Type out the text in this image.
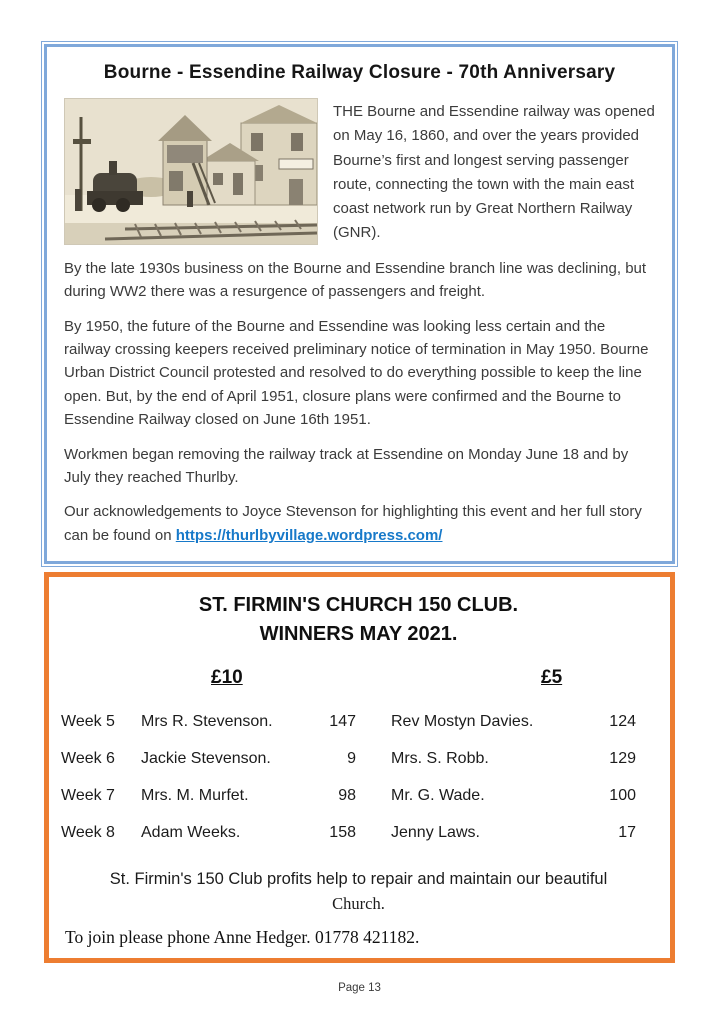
Bourne - Essendine Railway Closure - 70th Anniversary

THE Bourne and Essendine railway was opened on May 16, 1860, and over the years provided Bourne’s first and longest serving passenger route, connecting the town with the main east coast network run by Great Northern Railway (GNR).

By the late 1930s business on the Bourne and Essendine branch line was declining, but during WW2 there was a resurgence of passengers and freight.

By 1950, the future of the Bourne and Essendine was looking less certain and the railway crossing keepers received preliminary notice of termination in May 1950. Bourne Urban District Council protested and resolved to do everything possible to keep the line open. But, by the end of April 1951, closure plans were confirmed and the Bourne to Essendine Railway closed on June 16th 1951.

Workmen began removing the railway track at Essendine on Monday June 18 and by July they reached Thurlby.

Our acknowledgements to Joyce Stevenson for highlighting this event and her full story can be found on https://thurlbyvillage.wordpress.com/

ST. FIRMIN'S CHURCH 150 CLUB.
WINNERS MAY 2021.
£10	£5
Week 5	Mrs R. Stevenson.	147 Rev Mostyn Davies.	124
Week 6	Jackie Stevenson.	9 Mrs. S. Robb.	129
Week 7	Mrs. M. Murfet.	98 Mr. G. Wade.	100
Week 8	Adam Weeks.	158 Jenny Laws.	17

St. Firmin's 150 Club profits help to repair and maintain our beautiful
Church.

To join please phone Anne Hedger. 01778 421182.

Page 13
